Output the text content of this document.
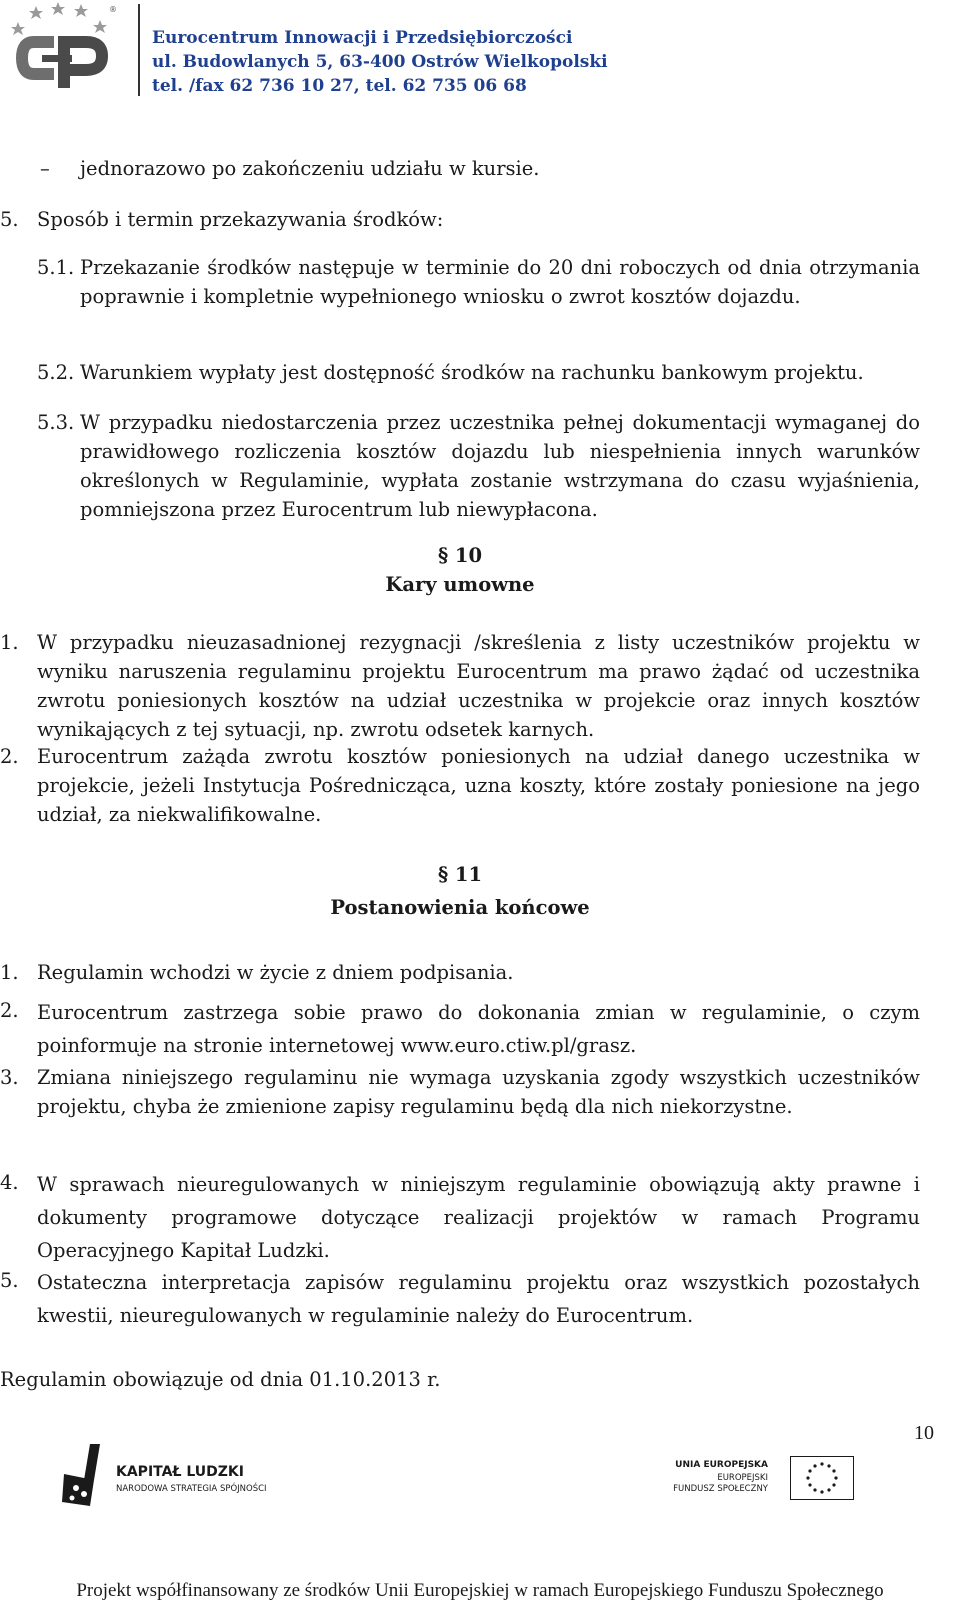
®
Eurocentrum Innowacji i Przedsiębiorczości
ul. Budowlanych 5, 63-400 Ostrów Wielkopolski
tel. /fax 62 736 10 27, tel. 62 735 06 68
– jednorazowo po zakończeniu udziału w kursie.
5. Sposób i termin przekazywania środków:
5.1. Przekazanie środków następuje w terminie do 20 dni roboczych od dnia otrzymania poprawnie i kompletnie wypełnionego wniosku o zwrot kosztów dojazdu.
5.2. Warunkiem wypłaty jest dostępność środków na rachunku bankowym projektu.
5.3. W przypadku niedostarczenia przez uczestnika pełnej dokumentacji wymaganej do prawidłowego rozliczenia kosztów dojazdu lub niespełnienia innych warunków określonych w Regulaminie, wypłata zostanie wstrzymana do czasu wyjaśnienia, pomniejszona przez Eurocentrum lub niewypłacona.
§ 10
Kary umowne
1. W przypadku nieuzasadnionej rezygnacji /skreślenia z listy uczestników projektu w wyniku naruszenia regulaminu projektu Eurocentrum ma prawo żądać od uczestnika zwrotu poniesionych kosztów na udział uczestnika w projekcie oraz innych kosztów wynikających z tej sytuacji, np. zwrotu odsetek karnych.
2. Eurocentrum zażąda zwrotu kosztów poniesionych na udział danego uczestnika w projekcie, jeżeli Instytucja Pośrednicząca, uzna koszty, które zostały poniesione na jego udział, za niekwalifikowalne.
§ 11
Postanowienia końcowe
1. Regulamin wchodzi w życie z dniem podpisania.
2. Eurocentrum zastrzega sobie prawo do dokonania zmian w regulaminie, o czym poinformuje na stronie internetowej www.euro.ctiw.pl/grasz.
3. Zmiana niniejszego regulaminu nie wymaga uzyskania zgody wszystkich uczestników projektu, chyba że zmienione zapisy regulaminu będą dla nich niekorzystne.
4. W sprawach nieuregulowanych w niniejszym regulaminie obowiązują akty prawne i dokumenty programowe dotyczące realizacji projektów w ramach Programu Operacyjnego Kapitał Ludzki.
5. Ostateczna interpretacja zapisów regulaminu projektu oraz wszystkich pozostałych kwestii, nieuregulowanych w regulaminie należy do Eurocentrum.
Regulamin obowiązuje od dnia 01.10.2013 r.
10
KAPITAŁ LUDZKI
NARODOWA STRATEGIA SPÓJNOŚCI
UNIA EUROPEJSKA
EUROPEJSKI
FUNDUSZ SPOŁECZNY
Projekt współfinansowany ze środków Unii Europejskiej w ramach Europejskiego Funduszu Społecznego
